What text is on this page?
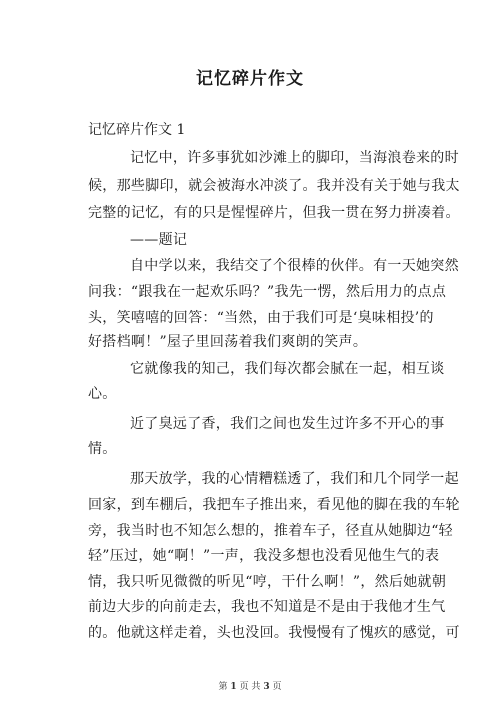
记忆碎片作文
记忆碎片作文 1
记忆中，许多事犹如沙滩上的脚印，当海浪卷来的时
候，那些脚印，就会被海水冲淡了。我并没有关于她与我太
完整的记忆，有的只是惺惺碎片，但我一贯在努力拼凑着。
——题记
自中学以来，我结交了个很棒的伙伴。有一天她突然
问我：“跟我在一起欢乐吗？”我先一愣，然后用力的点点
头，笑嘻嘻的回答：“当然，由于我们可是‘臭味相投’的
好搭档啊！”屋子里回荡着我们爽朗的笑声。
它就像我的知己，我们每次都会腻在一起，相互谈
心。
近了臭远了香，我们之间也发生过许多不开心的事
情。
那天放学，我的心情糟糕透了，我们和几个同学一起
回家，到车棚后，我把车子推出来，看见他的脚在我的车轮
旁，我当时也不知怎么想的，推着车子，径直从她脚边“轻
轻”压过，她“啊！”一声，我没多想也没看见他生气的表
情，我只听见微微的听见“哼，干什么啊！”，然后她就朝
前边大步的向前走去，我也不知道是不是由于我他才生气
的。他就这样走着，头也没回。我慢慢有了愧疚的感觉，可
第 1 页 共 3 页
